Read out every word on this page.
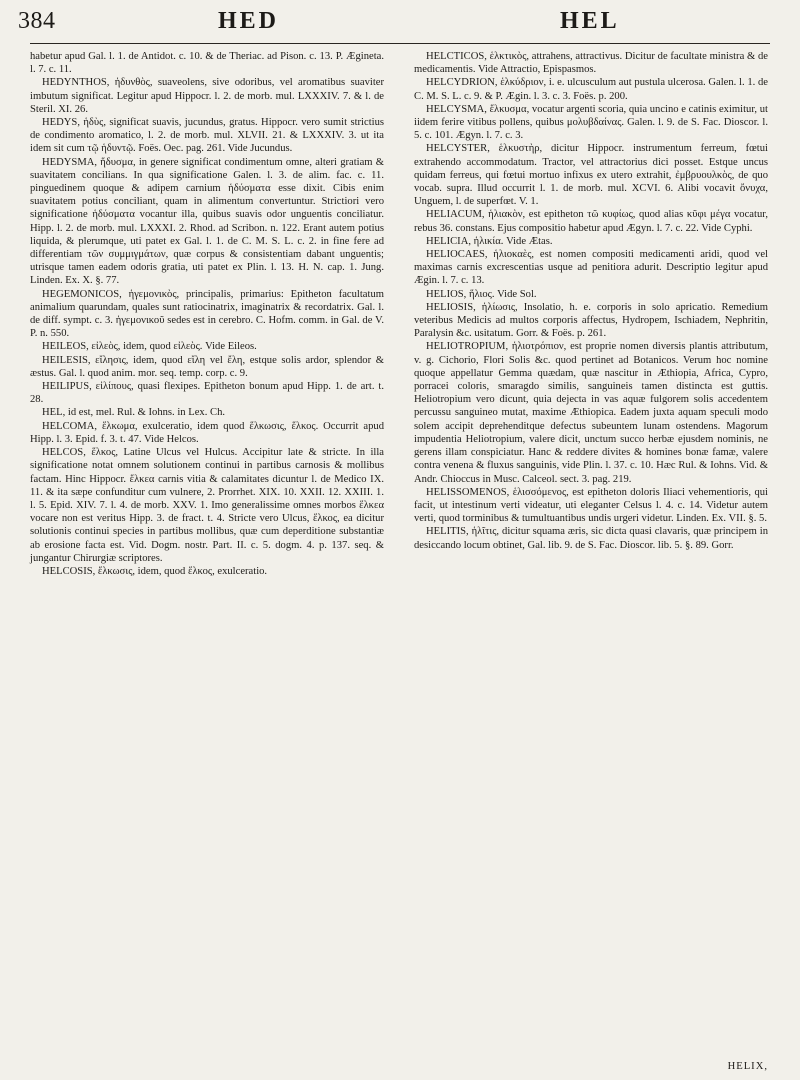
384	HED	HEL

habetur apud Gal. l. 1. de Antidot. c. 10. & de Theriac. ad Pison. c. 13. P. Ægineta. l. 7. c. 11.

HEDYNTHOS, ἡδυνθὸς, suaveolens, sive odoribus, vel aromatibus suaviter imbutum significat. Legitur apud Hippocr. l. 2. de morb. mul. LXXXIV. 7. & l. de Steril. XI. 26.

HEDYS, ἡδὺς, significat suavis, jucundus, gratus. Hippocr. vero sumit strictius de condimento aromatico, l. 2. de morb. mul. XLVII. 21. & LXXXIV. 3. ut ita idem sit cum τῷ ἡδυντῷ. Foës. Oec. pag. 261. Vide Jucundus.

HEDYSMA, ἥδυσμα, in genere significat condimentum omne, alteri gratiam & suavitatem concilians. In qua significatione Galen. l. 3. de alim. fac. c. 11. pinguedinem quoque & adipem carnium ἡδύσματα esse dixit. Cibis enim suavitatem potius conciliant, quam in alimentum convertuntur. Strictiori vero significatione ἡδύσματα vocantur illa, quibus suavis odor unguentis conciliatur. Hipp. l. 2. de morb. mul. LXXXI. 2. Rhod. ad Scribon. n. 122. Erant autem potius liquida, & plerumque, uti patet ex Gal. l. 1. de C. M. S. L. c. 2. in fine fere ad differentiam τῶν συμμιγμάτων, quæ corpus & consistentiam dabant unguentis; utrisque tamen eadem odoris gratia, uti patet ex Plin. l. 13. H. N. cap. 1. Jung. Linden. Ex. X. §. 77.

HEGEMONICOS, ἡγεμονικὸς, principalis, primarius: Epitheton facultatum animalium quarundam, quales sunt ratiocinatrix, imaginatrix & recordatrix. Gal. l. de diff. sympt. c. 3. ἡγεμονικοῦ sedes est in cerebro. C. Hofm. comm. in Gal. de V. P. n. 550.

HEILEOS, εἰλεὸς, idem, quod εἰλεὸς. Vide Eileos.

HEILESIS, εἴλησις, idem, quod εἴλη vel ἔλη, estque solis ardor, splendor & æstus. Gal. l. quod anim. mor. seq. temp. corp. c. 9.

HEILIPUS, εἰλίπους, quasi flexipes. Epitheton bonum apud Hipp. 1. de art. t. 28.

HEL, id est, mel. Rul. & Iohns. in Lex. Ch.

HELCOMA, ἕλκωμα, exulceratio, idem quod ἕλκωσις, ἕλκος. Occurrit apud Hipp. l. 3. Epid. f. 3. t. 47. Vide Helcos.

HELCOS, ἕλκος, Latine Ulcus vel Hulcus. Accipitur late & stricte. In illa significatione notat omnem solutionem continui in partibus carnosis & mollibus factam. Hinc Hippocr. ἕλκεα carnis vitia & calamitates dicuntur l. de Medico IX. 11. & ita sæpe confunditur cum vulnere, 2. Prorrhet. XIX. 10. XXII. 12. XXIII. 1. l. 5. Epid. XIV. 7. l. 4. de morb. XXV. 1. Imo generalissime omnes morbos ἕλκεα vocare non est veritus Hipp. 3. de fract. t. 4. Stricte vero Ulcus, ἕλκος, ea dicitur solutionis continui species in partibus mollibus, quæ cum deperditione substantiæ ab erosione facta est. Vid. Dogm. nostr. Part. II. c. 5. dogm. 4. p. 137. seq. & jungantur Chirurgiæ scriptores.

HELCOSIS, ἕλκωσις, idem, quod ἕλκος, exulceratio.

HELCTICOS, ἑλκτικὸς, attrahens, attractivus. Dicitur de facultate ministra & de medicamentis. Vide Attractio, Epispasmos.

HELCYDRION, ἑλκύδριον, i. e. ulcusculum aut pustula ulcerosa. Galen. l. 1. de C. M. S. L. c. 9. & P. Ægin. l. 3. c. 3. Foës. p. 200.

HELCYSMA, ἕλκυσμα, vocatur argenti scoria, quia uncino e catinis eximitur, ut iidem ferire vitibus pollens, quibus μολυβδαίνας. Galen. l. 9. de S. Fac. Dioscor. l. 5. c. 101. Ægyn. l. 7. c. 3.

HELCYSTER, ἑλκυστὴρ, dicitur Hippocr. instrumentum ferreum, fœtui extrahendo accommodatum. Tractor, vel attractorius dici posset. Estque uncus quidam ferreus, qui fœtui mortuo infixus ex utero extrahit, ἐμβρυουλκὸς, de quo vocab. supra. Illud occurrit l. 1. de morb. mul. XCVI. 6. Alibi vocavit ὄνυχα, Unguem, l. de superfœt. V. 1.

HELIACUM, ἡλιακὸν, est epitheton τῶ κυφίως, quod alias κῦφι μέγα vocatur, rebus 36. constans. Ejus compositio habetur apud Ægyn. l. 7. c. 22. Vide Cyphi.

HELICIA, ἡλικία. Vide Ætas.

HELIOCAES, ἡλιοκαὲς, est nomen compositi medicamenti aridi, quod vel maximas carnis excrescentias usque ad penitiora adurit. Descriptio legitur apud Ægin. l. 7. c. 13.

HELIOS, ἥλιος. Vide Sol.

HELIOSIS, ἡλίωσις, Insolatio, h. e. corporis in solo apricatio. Remedium veteribus Medicis ad multos corporis affectus, Hydropem, Ischiadem, Nephritin, Paralysin &c. usitatum. Gorr. & Foës. p. 261.

HELIOTROPIUM, ἡλιοτρόπιον, est proprie nomen diversis plantis attributum, v. g. Cichorio, Flori Solis &c. quod pertinet ad Botanicos. Verum hoc nomine quoque appellatur Gemma quædam, quæ nascitur in Æthiopia, Africa, Cypro, porracei coloris, smaragdo similis, sanguineis tamen distincta est guttis. Heliotropium vero dicunt, quia dejecta in vas aquæ fulgorem solis accedentem percussu sanguineo mutat, maxime Æthiopica. Eadem juxta aquam speculi modo solem accipit deprehenditque defectus subeuntem lunam ostendens. Magorum impudentia Heliotropium, valere dicit, unctum succo herbæ ejusdem nominis, ne gerens illam conspiciatur. Hanc & reddere divites & homines bonæ famæ, valere contra venena & fluxus sanguinis, vide Plin. l. 37. c. 10. Hæc Rul. & Iohns. Vid. & Andr. Chioccus in Musc. Calceol. sect. 3. pag. 219.

HELISSOMENOS, ἑλισσόμενος, est epitheton doloris Iliaci vehementioris, qui facit, ut intestinum verti videatur, uti eleganter Celsus l. 4. c. 14. Videtur autem verti, quod torminibus & tumultuantibus undis urgeri videtur. Linden. Ex. VII. §. 5.

HELITIS, ἡλῖτις, dicitur squama æris, sic dicta quasi clavaris, quæ principem in desiccando locum obtinet, Gal. lib. 9. de S. Fac. Dioscor. lib. 5. §. 89. Gorr.

HELIX,
